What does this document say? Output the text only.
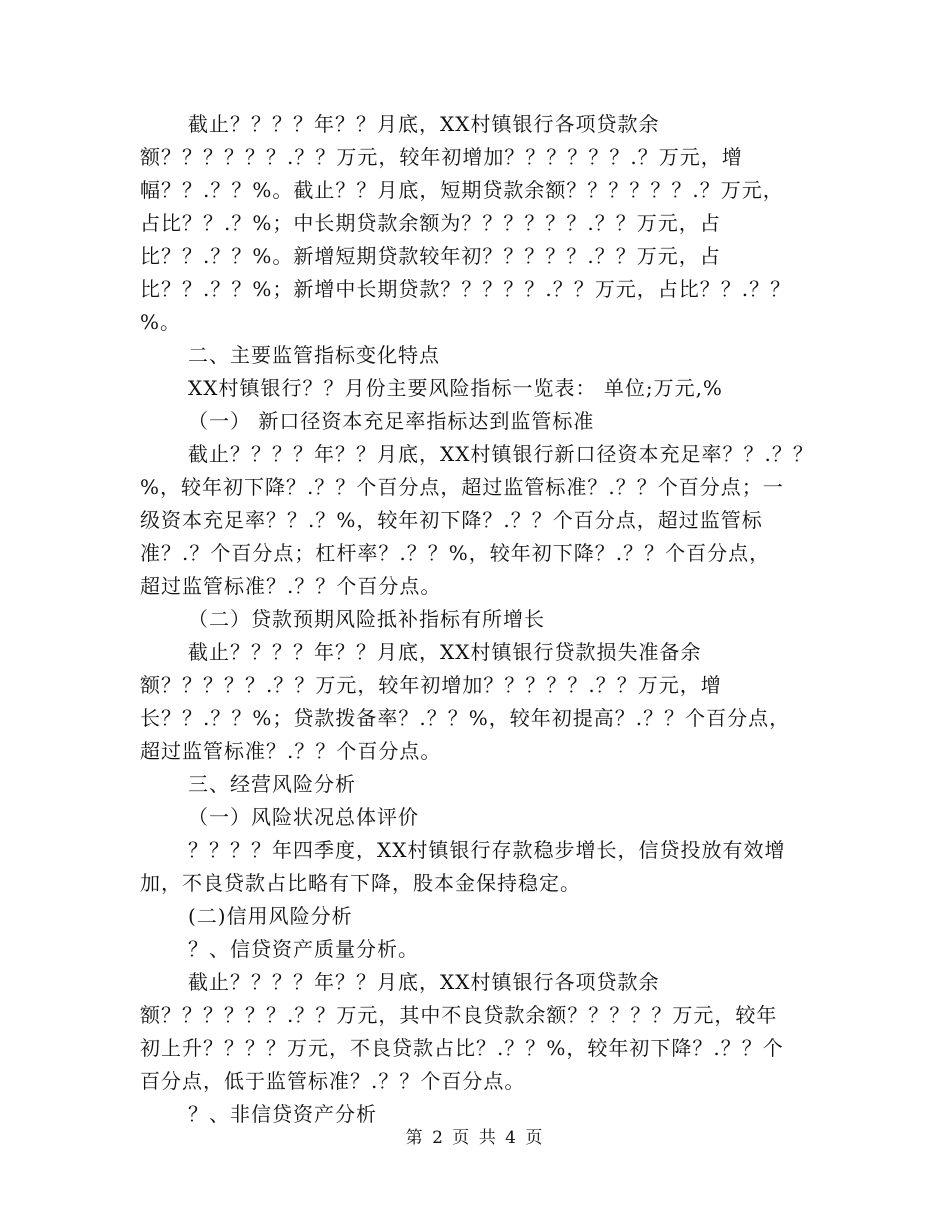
截止？？？？年？？月底，XX村镇银行各项贷款余
额？？？？？？.？？万元，较年初增加？？？？？？.？万元，增
幅？？.？？%。截止？？月底，短期贷款余额？？？？？？.？万元，
占比？？.？%；中长期贷款余额为？？？？？？.？？万元，占
比？？.？？%。新增短期贷款较年初？？？？？.？？万元，占
比？？.？？%；新增中长期贷款？？？？？.？？万元，占比？？.？？
%。
二、主要监管指标变化特点
XX村镇银行？？月份主要风险指标一览表： 单位;万元,%
（一） 新口径资本充足率指标达到监管标准
截止？？？？年？？月底，XX村镇银行新口径资本充足率？？.？？
%，较年初下降？.？？个百分点，超过监管标准？.？？个百分点；一
级资本充足率？？.？%，较年初下降？.？？个百分点，超过监管标
准？.？个百分点；杠杆率？.？？%，较年初下降？.？？个百分点，
超过监管标准？.？？个百分点。
（二）贷款预期风险抵补指标有所增长
截止？？？？年？？月底，XX村镇银行贷款损失准备余
额？？？？？.？？万元，较年初增加？？？？？.？？万元，增
长？？.？？%；贷款拨备率？.？？%，较年初提高？.？？个百分点，
超过监管标准？.？？个百分点。
三、经营风险分析
（一）风险状况总体评价
？？？？年四季度，XX村镇银行存款稳步增长，信贷投放有效增
加，不良贷款占比略有下降，股本金保持稳定。
(二)信用风险分析
？、信贷资产质量分析。
截止？？？？年？？月底，XX村镇银行各项贷款余
额？？？？？？.？？万元，其中不良贷款余额？？？？？万元，较年
初上升？？？？万元，不良贷款占比？.？？%，较年初下降？.？？个
百分点，低于监管标准？.？？个百分点。
？、非信贷资产分析
第 2 页 共 4 页
